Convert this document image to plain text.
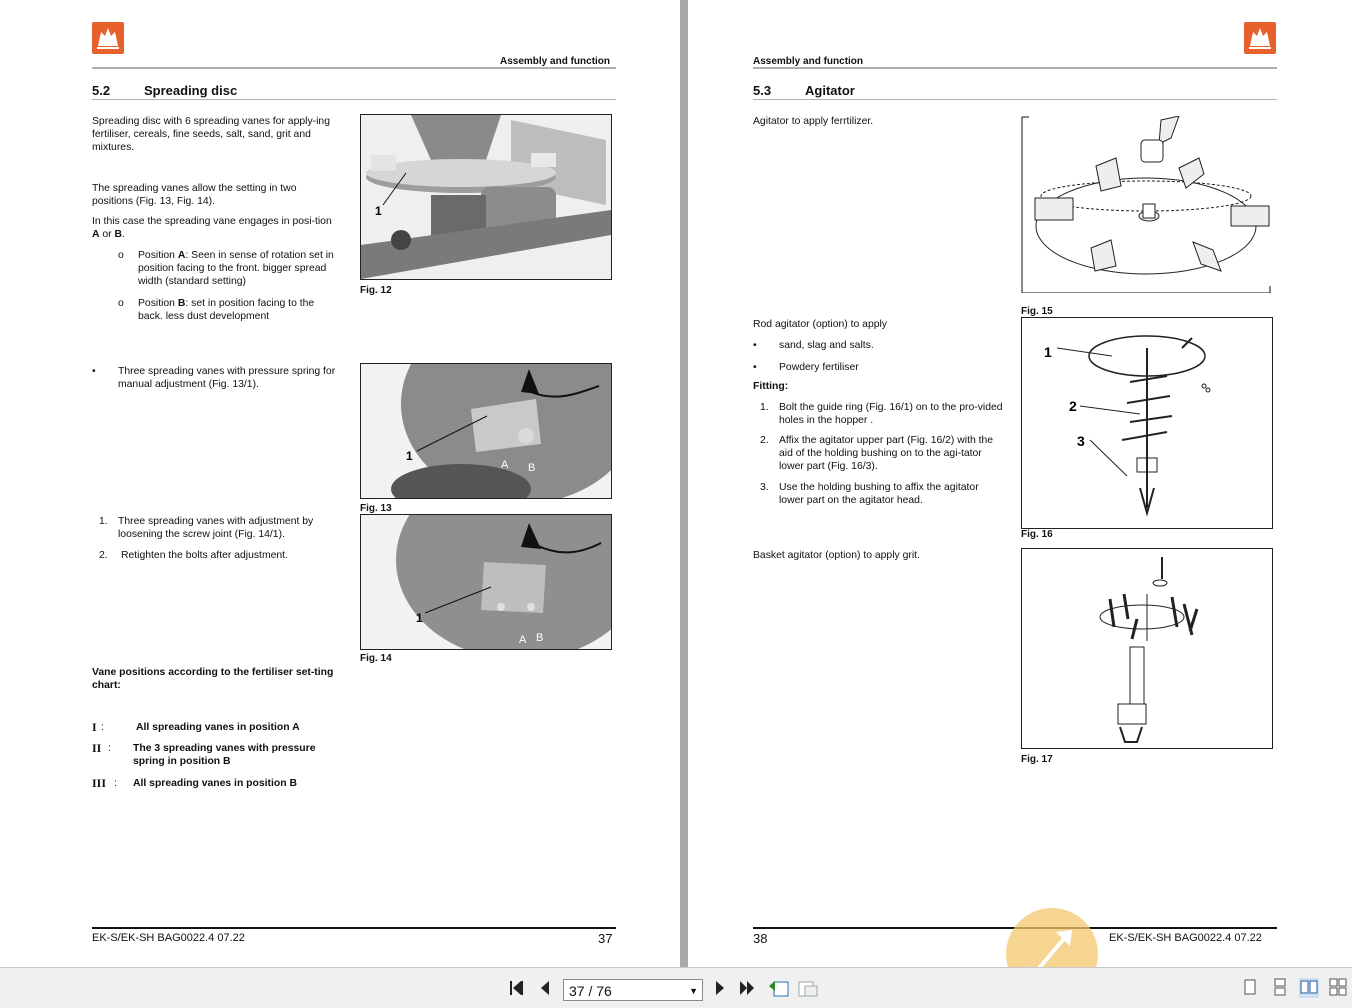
Assembly and function
5.2	Spreading disc
Spreading disc with 6 spreading vanes for apply-ing fertiliser, cereals, fine seeds, salt, sand, grit and mixtures.
The spreading vanes allow the setting in two positions (Fig. 13, Fig. 14).
In this case the spreading vane engages in posi-tion A or B.
o Position A: Seen in sense of rotation set in position facing to the front. bigger spread width (standard setting)
o Position B: set in position facing to the back. less dust development
• Three spreading vanes with pressure spring for manual adjustment (Fig. 13/1).
1. Three spreading vanes with adjustment by loosening the screw joint (Fig. 14/1).
2. Retighten the bolts after adjustment.
Vane positions according to the fertiliser set-ting chart:
I :	All spreading vanes in position A
II : The 3 spreading vanes with pressure spring in position B
III : All spreading vanes in position B
1
Fig. 12
1
A B
Fig. 13
1
A B
Fig. 14
EK-S/EK-SH BAG0022.4 07.22	37
Assembly and function
5.3	Agitator
Agitator to apply ferrtilizer.
Rod agitator (option) to apply
• sand, slag and salts.
• Powdery fertiliser
Fitting:
1. Bolt the guide ring (Fig. 16/1) on to the pro-vided holes in the hopper .
2. Affix the agitator upper part (Fig. 16/2) with the aid of the holding bushing on to the agi-tator lower part (Fig. 16/3).
3. Use the holding bushing to affix the agitator lower part on the agitator head.
Basket agitator (option) to apply grit.
Fig. 15
1
2
3
Fig. 16
Fig. 17
38	EK-S/EK-SH BAG0022.4 07.22
37 / 76	▼
